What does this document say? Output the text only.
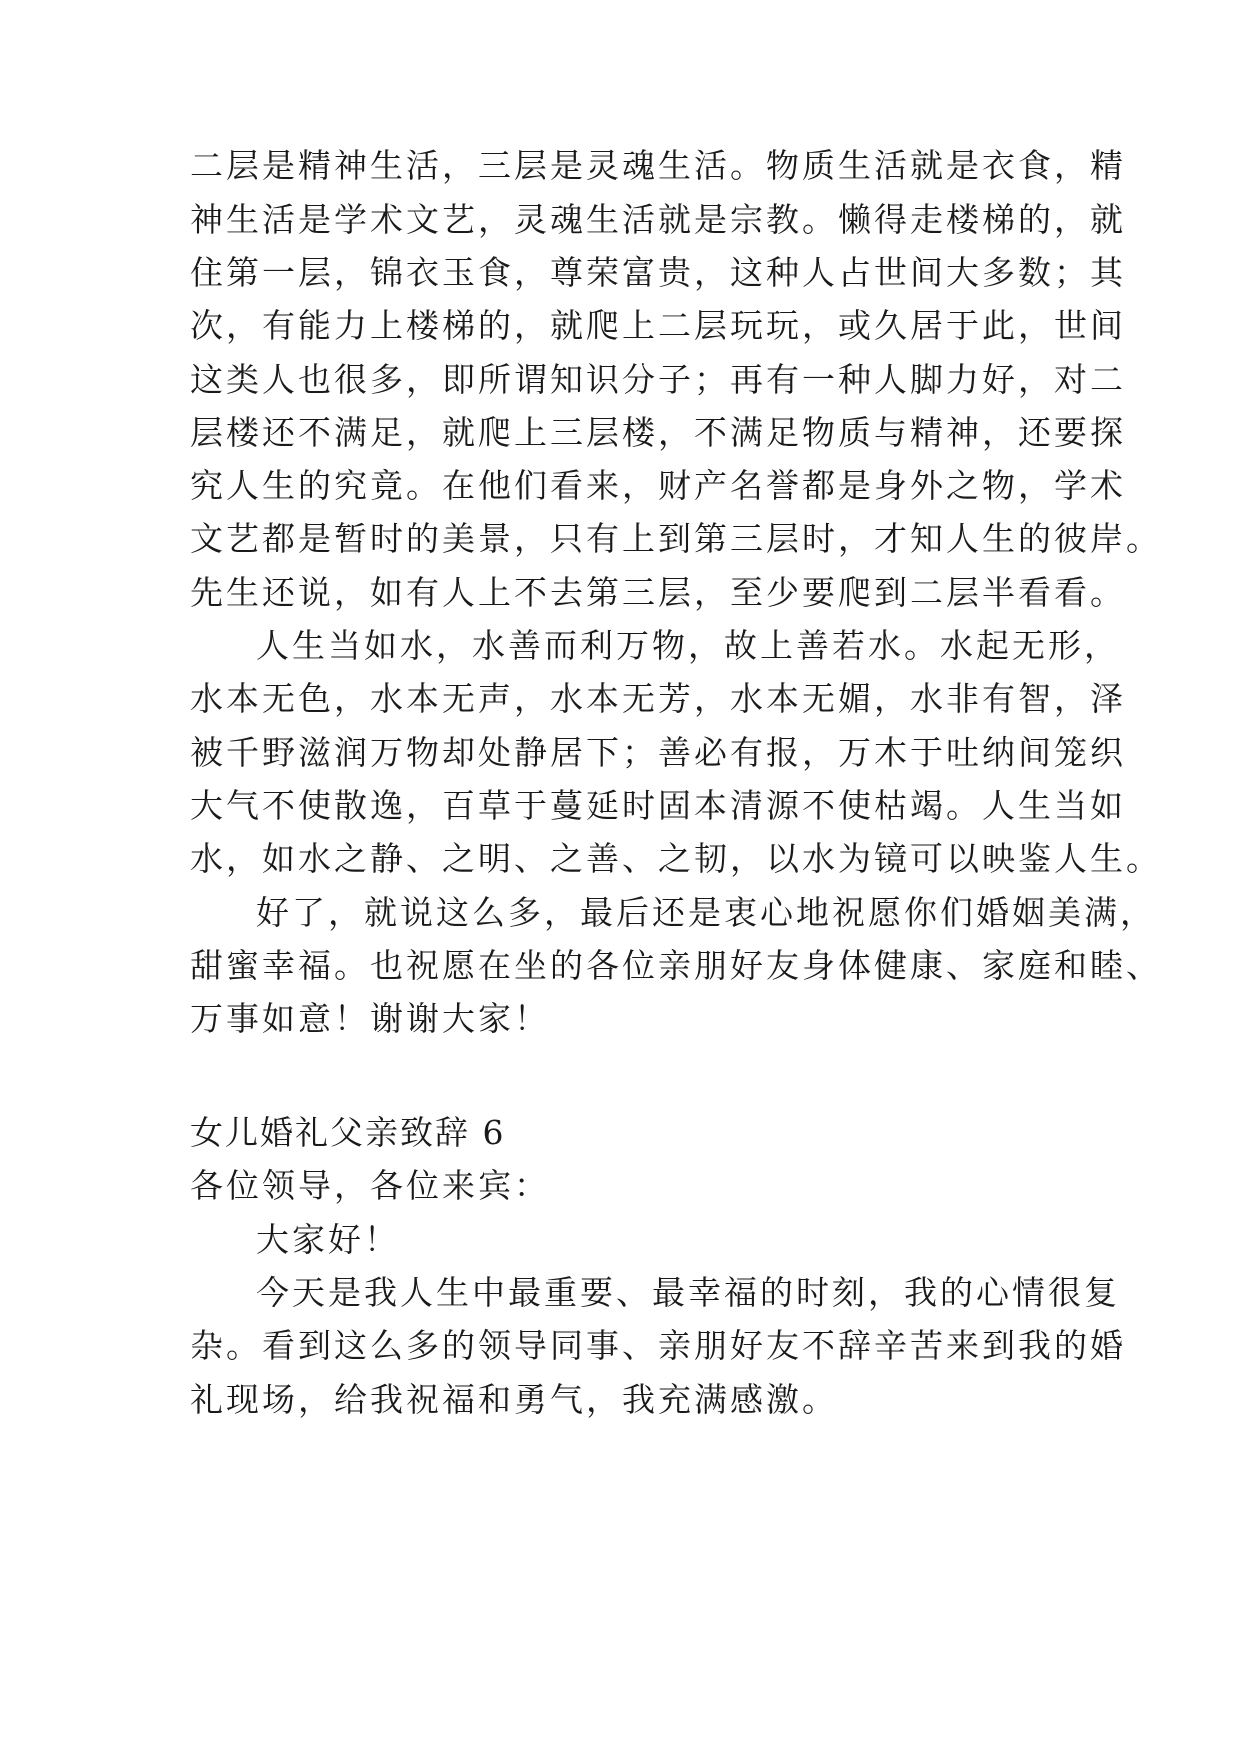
二层是精神生活，三层是灵魂生活。物质生活就是衣食，精
神生活是学术文艺，灵魂生活就是宗教。懒得走楼梯的，就
住第一层，锦衣玉食，尊荣富贵，这种人占世间大多数；其
次，有能力上楼梯的，就爬上二层玩玩，或久居于此，世间
这类人也很多，即所谓知识分子；再有一种人脚力好，对二
层楼还不满足，就爬上三层楼，不满足物质与精神，还要探
究人生的究竟。在他们看来，财产名誉都是身外之物，学术
文艺都是暂时的美景，只有上到第三层时，才知人生的彼岸。
先生还说，如有人上不去第三层，至少要爬到二层半看看。
人生当如水，水善而利万物，故上善若水。水起无形，
水本无色，水本无声，水本无芳，水本无媚，水非有智，泽
被千野滋润万物却处静居下；善必有报，万木于吐纳间笼织
大气不使散逸，百草于蔓延时固本清源不使枯竭。人生当如
水，如水之静、之明、之善、之韧，以水为镜可以映鉴人生。
好了，就说这么多，最后还是衷心地祝愿你们婚姻美满，
甜蜜幸福。也祝愿在坐的各位亲朋好友身体健康、家庭和睦、
万事如意！谢谢大家！
女儿婚礼父亲致辞 6
各位领导，各位来宾：
大家好！
今天是我人生中最重要、最幸福的时刻，我的心情很复
杂。看到这么多的领导同事、亲朋好友不辞辛苦来到我的婚
礼现场，给我祝福和勇气，我充满感激。
